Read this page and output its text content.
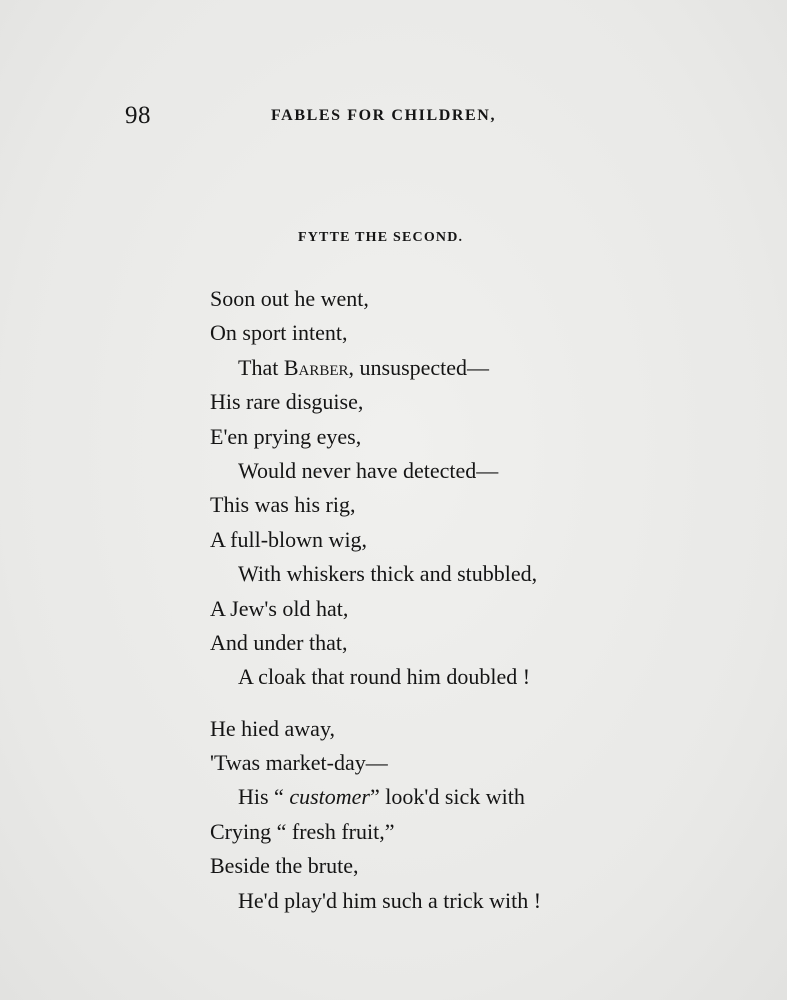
98	FABLES FOR CHILDREN,
FYTTE THE SECOND.
Soon out he went,
On sport intent,
That Barber, unsuspected—
His rare disguise,
E'en prying eyes,
Would never have detected—
This was his rig,
A full-blown wig,
With whiskers thick and stubbled,
A Jew's old hat,
And under that,
A cloak that round him doubled !
He hied away,
'Twas market-day—
His “ customer” look'd sick with
Crying “ fresh fruit,”
Beside the brute,
He'd play'd him such a trick with !
